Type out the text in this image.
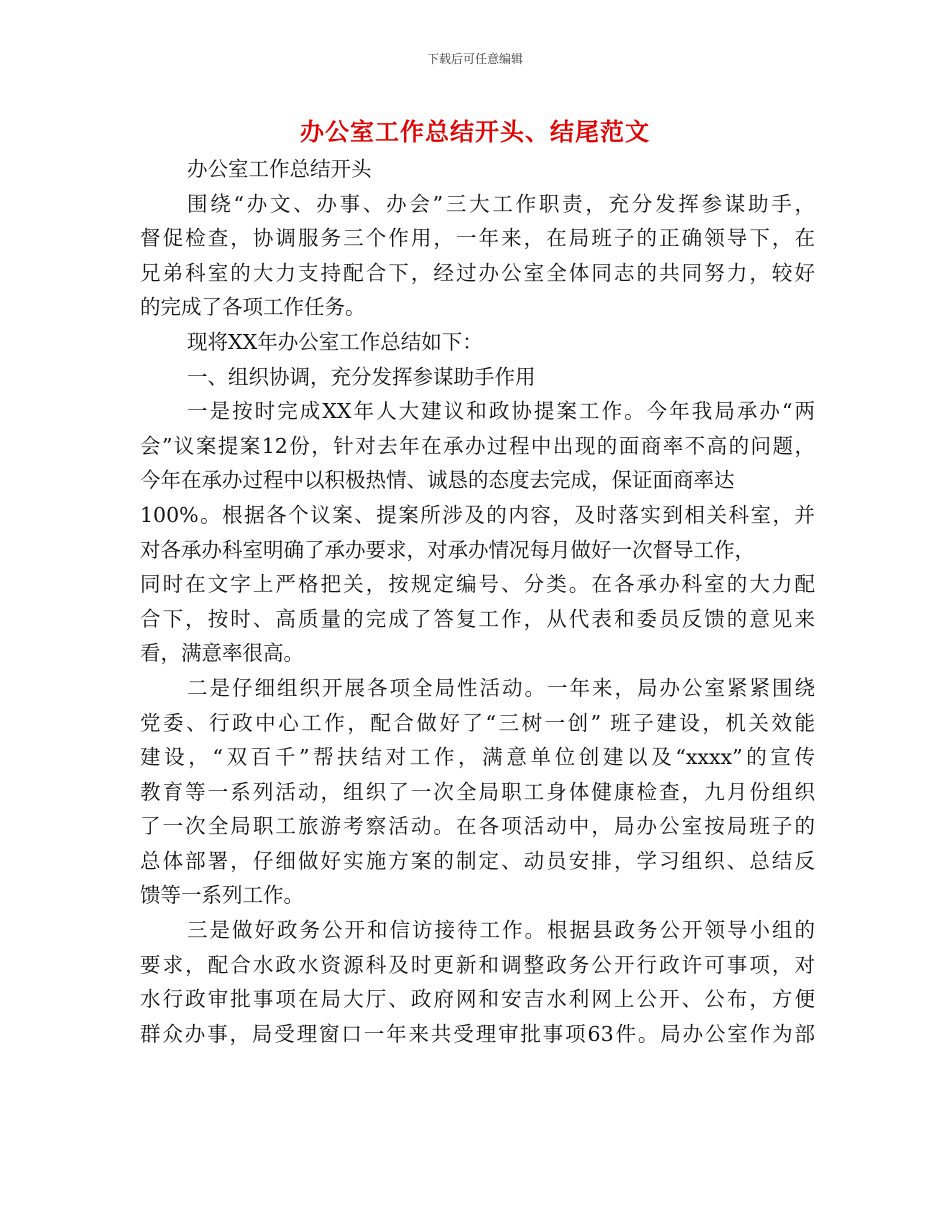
下载后可任意编辑
办公室工作总结开头、结尾范文
办公室工作总结开头
围绕“办文、办事、办会”三大工作职责，充分发挥参谋助手，
督促检查，协调服务三个作用，一年来，在局班子的正确领导下，在
兄弟科室的大力支持配合下，经过办公室全体同志的共同努力，较好
的完成了各项工作任务。
现将XX年办公室工作总结如下：
一、组织协调，充分发挥参谋助手作用
一是按时完成XX年人大建议和政协提案工作。今年我局承办“两
会”议案提案12份，针对去年在承办过程中出现的面商率不高的问题，
今年在承办过程中以积极热情、诚恳的态度去完成，保证面商率达
100%。根据各个议案、提案所涉及的内容，及时落实到相关科室，并
对各承办科室明确了承办要求，对承办情况每月做好一次督导工作，
同时在文字上严格把关，按规定编号、分类。在各承办科室的大力配
合下，按时、高质量的完成了答复工作，从代表和委员反馈的意见来
看，满意率很高。
二是仔细组织开展各项全局性活动。一年来，局办公室紧紧围绕
党委、行政中心工作，配合做好了“三树一创” 班子建设，机关效能
建设，“双百千”帮扶结对工作，满意单位创建以及“xxxx”的宣传
教育等一系列活动，组织了一次全局职工身体健康检查，九月份组织
了一次全局职工旅游考察活动。在各项活动中，局办公室按局班子的
总体部署，仔细做好实施方案的制定、动员安排，学习组织、总结反
馈等一系列工作。
三是做好政务公开和信访接待工作。根据县政务公开领导小组的
要求，配合水政水资源科及时更新和调整政务公开行政许可事项，对
水行政审批事项在局大厅、政府网和安吉水利网上公开、公布，方便
群众办事，局受理窗口一年来共受理审批事项63件。局办公室作为部
